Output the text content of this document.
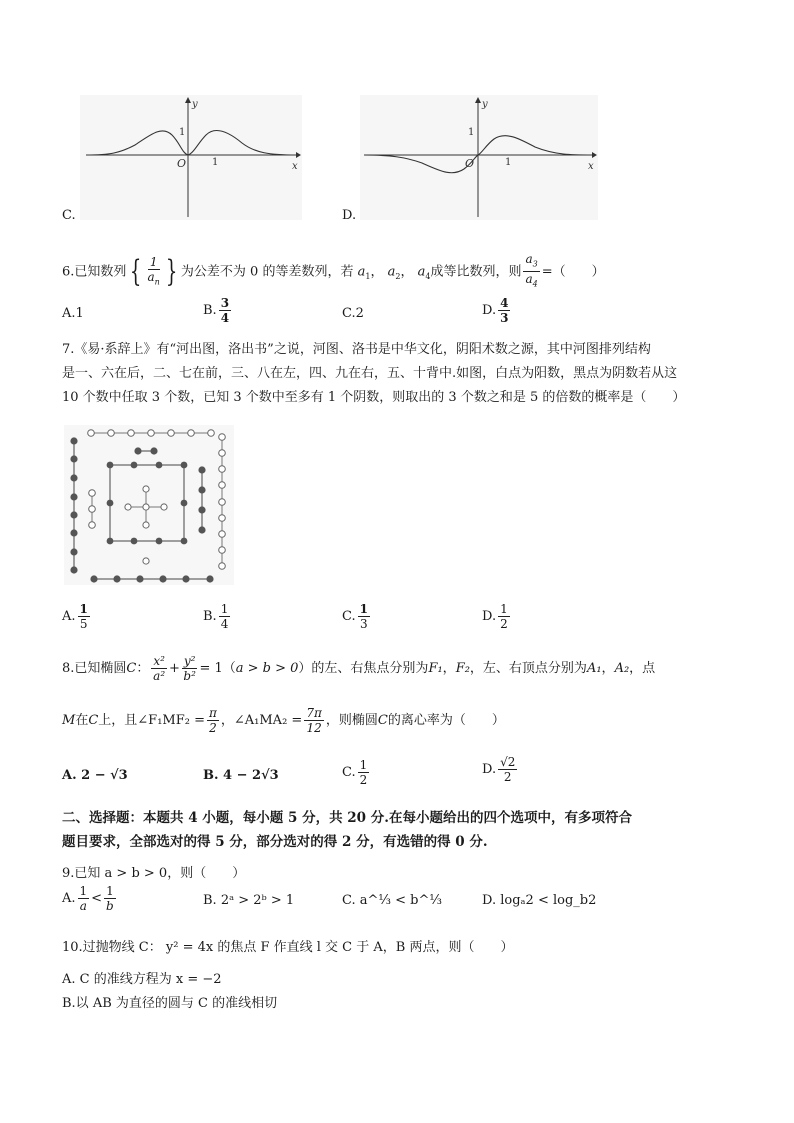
O	1
1
x
y
C.
O	1
1
x
y
D.
6.已知数列 { $\frac{1}{a_n}$ } 为公差不为 0 的等差数列，若 $a_1$， $a_2$， $a_4$成等比数列，则 $\frac{a_3}{a_4}$ =（　　）
A.1	B. $\frac{3}{4}$	C.2	D. $\frac{4}{3}$
7.《易·系辞上》有“河出图，洛出书”之说，河图、洛书是中华文化，阴阳术数之源，其中河图排列结构
是一、六在后，二、七在前，三、八在左，四、九在右，五、十背中.如图，白点为阳数，黑点为阴数若从这
10 个数中任取 3 个数，已知 3 个数中至多有 1 个阴数，则取出的 3 个数之和是 5 的倍数的概率是（　　）
A. $\frac{1}{5}$	B. $\frac{1}{4}$	C. $\frac{1}{3}$	D. $\frac{1}{2}$
8.已知椭圆C： $\frac{\text{x²}}{\text{a²}} + \frac{\text{y²}}{\text{b²}} = 1(a > b > 0)$的左、右焦点分别为F₁，F₂，左、右顶点分别为A₁，A₂，点
M在C上，且∠F₁MF₂ = $\frac{\pi}{2}$ ，∠A₁MA₂ = $\frac{7\pi}{12}$ ，则椭圆C的离心率为（　　）
A. 2 − √3	B. 4 − 2√3	C. $\frac{1}{2}$	D. $\frac{√2}{2}$
二、选择题：本题共 4 小题，每小题 5 分，共 20 分.在每小题给出的四个选项中，有多项符合
题目要求，全部选对的得 5 分，部分选对的得 2 分，有选错的得 0 分.
9.已知 a > b > 0，则（　　）
A. $\frac{1}{a} < \frac{1}{b}$	B. 2ᵃ > 2ᵇ > 1	C. a^⅓ < b^⅓	D. logₐ2 < log_b2
10.过抛物线 C： y² = 4x 的焦点 F 作直线 l 交 C 于 A，B 两点，则（　　）
A. C 的准线方程为 x = −2
B.以 AB 为直径的圆与 C 的准线相切
